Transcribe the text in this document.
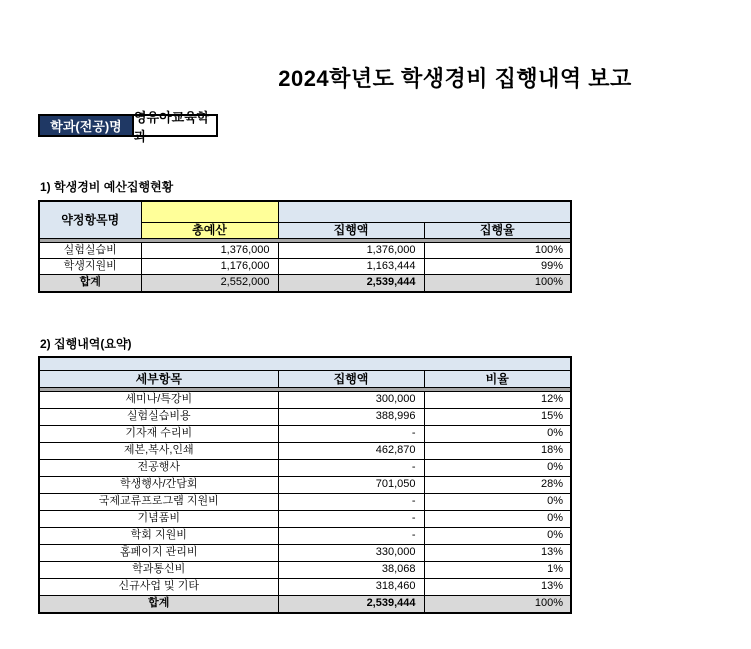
2024학년도 학생경비 집행내역 보고
학과(전공)명
영유아교육학과
1) 학생경비 예산집행현황
약정항목명			
	총예산	집행액	집행율

실험실습비	1,376,000	1,376,000	100%
학생지원비	1,176,000	1,163,444	99%
합계	2,552,000	2,539,444	100%
2) 집행내역(요약)

세부항목	집행액	비율

세미나/특강비	300,000	12%
실험실습비용	388,996	15%
기자재 수리비	-	0%
제본,복사,인쇄	462,870	18%
전공행사	-	0%
학생행사/간담회	701,050	28%
국제교류프로그램 지원비	-	0%
기념품비	-	0%
학회 지원비	-	0%
홈페이지 관리비	330,000	13%
학과통신비	38,068	1%
신규사업 및 기타	318,460	13%
합계	2,539,444	100%
